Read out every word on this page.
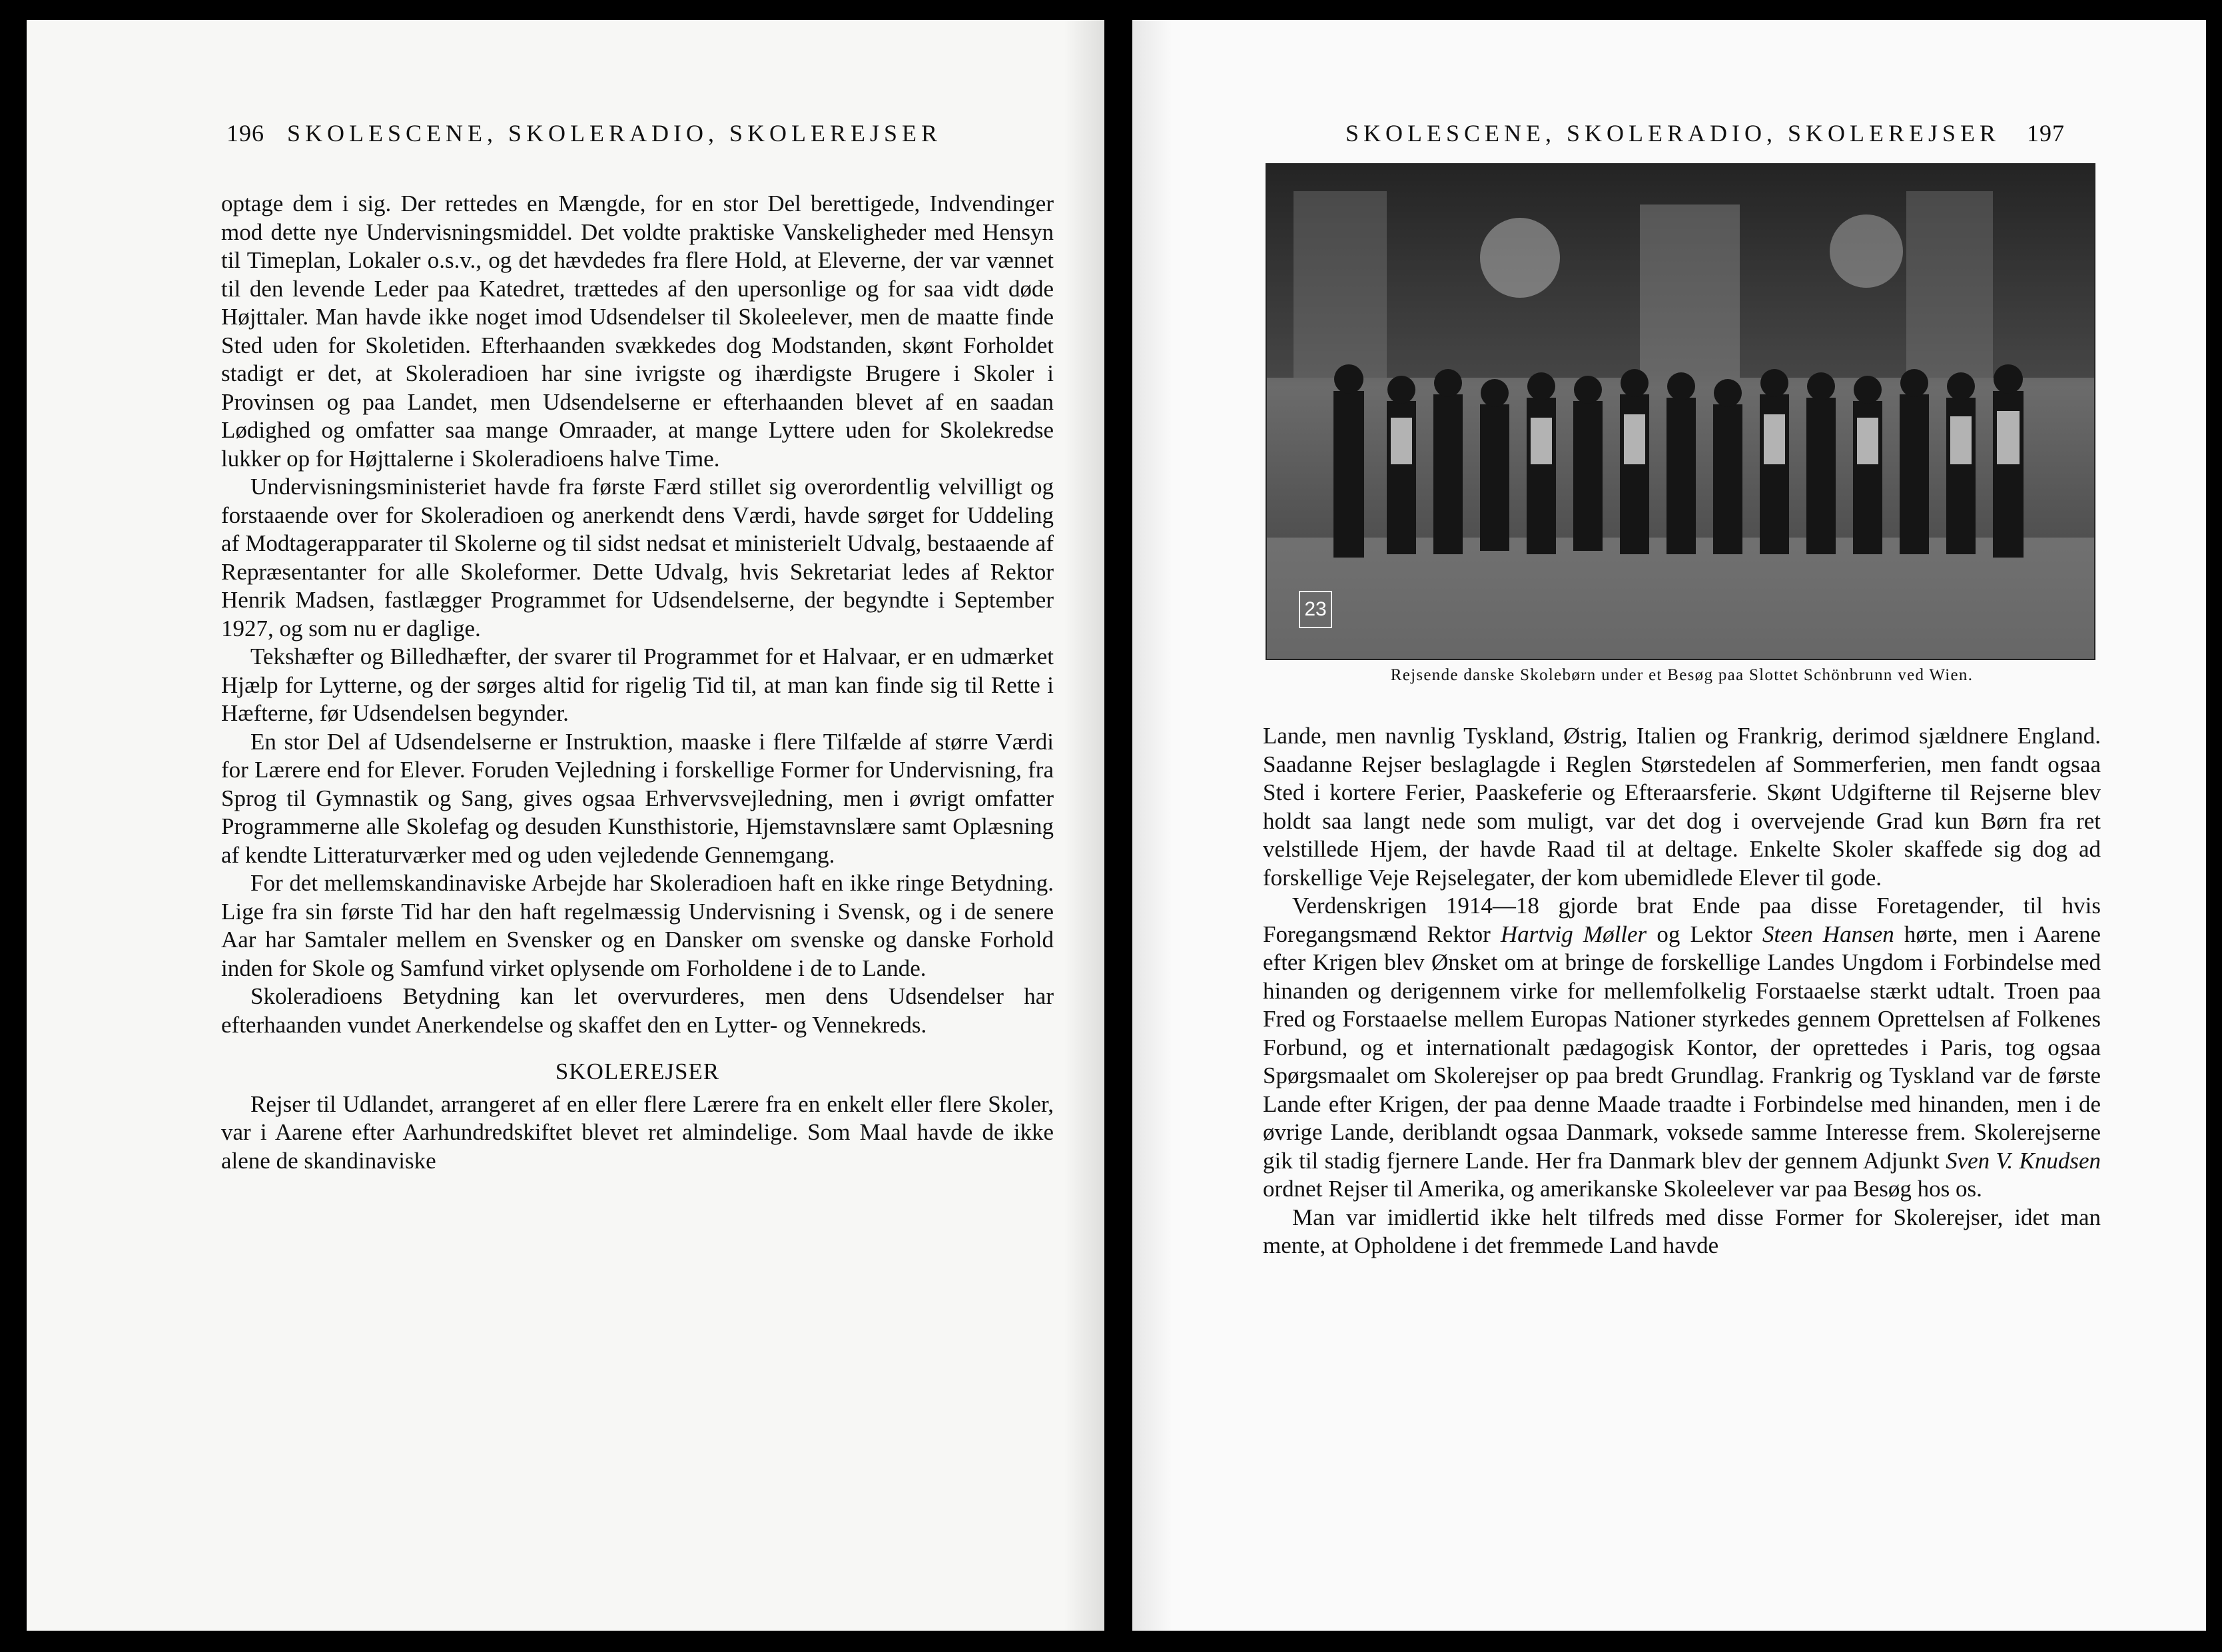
196 SKOLESCENE, SKOLERADIO, SKOLEREJSER

optage dem i sig. Der rettedes en Mængde, for en stor Del berettigede, Indvendinger mod dette nye Undervisningsmiddel. Det voldte praktiske Vanskeligheder med Hensyn til Timeplan, Lokaler o.s.v., og det hævdedes fra flere Hold, at Eleverne, der var vænnet til den levende Leder paa Katedret, trættedes af den upersonlige og for saa vidt døde Højttaler. Man havde ikke noget imod Udsendelser til Skoleelever, men de maatte finde Sted uden for Skoletiden. Efterhaanden svækkedes dog Modstanden, skønt Forholdet stadigt er det, at Skoleradioen har sine ivrigste og ihærdigste Brugere i Skoler i Provinsen og paa Landet, men Udsendelserne er efterhaanden blevet af en saadan Lødighed og omfatter saa mange Omraader, at mange Lyttere uden for Skolekredse lukker op for Højttalerne i Skoleradioens halve Time.

Undervisningsministeriet havde fra første Færd stillet sig overordentlig velvilligt og forstaaende over for Skoleradioen og anerkendt dens Værdi, havde sørget for Uddeling af Modtagerapparater til Skolerne og til sidst nedsat et ministerielt Udvalg, bestaaende af Repræsentanter for alle Skoleformer. Dette Udvalg, hvis Sekretariat ledes af Rektor Henrik Madsen, fastlægger Programmet for Udsendelserne, der begyndte i September 1927, og som nu er daglige.

Tekshæfter og Billedhæfter, der svarer til Programmet for et Halvaar, er en udmærket Hjælp for Lytterne, og der sørges altid for rigelig Tid til, at man kan finde sig til Rette i Hæfterne, før Udsendelsen begynder.

En stor Del af Udsendelserne er Instruktion, maaske i flere Tilfælde af større Værdi for Lærere end for Elever. Foruden Vejledning i forskellige Former for Undervisning, fra Sprog til Gymnastik og Sang, gives ogsaa Erhvervsvejledning, men i øvrigt omfatter Programmerne alle Skolefag og desuden Kunsthistorie, Hjemstavnslære samt Oplæsning af kendte Litteraturværker med og uden vejledende Gennemgang.

For det mellemskandinaviske Arbejde har Skoleradioen haft en ikke ringe Betydning. Lige fra sin første Tid har den haft regelmæssig Undervisning i Svensk, og i de senere Aar har Samtaler mellem en Svensker og en Dansker om svenske og danske Forhold inden for Skole og Samfund virket oplysende om Forholdene i de to Lande.

Skoleradioens Betydning kan let overvurderes, men dens Udsendelser har efterhaanden vundet Anerkendelse og skaffet den en Lytter- og Vennekreds.

SKOLEREJSER

Rejser til Udlandet, arrangeret af en eller flere Lærere fra en enkelt eller flere Skoler, var i Aarene efter Aarhundredskiftet blevet ret almindelige. Som Maal havde de ikke alene de skandinaviske

SKOLESCENE, SKOLERADIO, SKOLEREJSER 197
23
Rejsende danske Skolebørn under et Besøg paa Slottet Schönbrunn ved Wien.

Lande, men navnlig Tyskland, Østrig, Italien og Frankrig, derimod sjældnere England. Saadanne Rejser beslaglagde i Reglen Størstedelen af Sommerferien, men fandt ogsaa Sted i kortere Ferier, Paaskeferie og Efteraarsferie. Skønt Udgifterne til Rejserne blev holdt saa langt nede som muligt, var det dog i overvejende Grad kun Børn fra ret velstillede Hjem, der havde Raad til at deltage. Enkelte Skoler skaffede sig dog ad forskellige Veje Rejselegater, der kom ubemidlede Elever til gode.

Verdenskrigen 1914—18 gjorde brat Ende paa disse Foretagender, til hvis Foregangsmænd Rektor Hartvig Møller og Lektor Steen Hansen hørte, men i Aarene efter Krigen blev Ønsket om at bringe de forskellige Landes Ungdom i Forbindelse med hinanden og derigennem virke for mellemfolkelig Forstaaelse stærkt udtalt. Troen paa Fred og Forstaaelse mellem Europas Nationer styrkedes gennem Oprettelsen af Folkenes Forbund, og et internationalt pædagogisk Kontor, der oprettedes i Paris, tog ogsaa Spørgsmaalet om Skolerejser op paa bredt Grundlag. Frankrig og Tyskland var de første Lande efter Krigen, der paa denne Maade traadte i Forbindelse med hinanden, men i de øvrige Lande, deriblandt ogsaa Danmark, voksede samme Interesse frem. Skolerejserne gik til stadig fjernere Lande. Her fra Danmark blev der gennem Adjunkt Sven V. Knudsen ordnet Rejser til Amerika, og amerikanske Skoleelever var paa Besøg hos os.

Man var imidlertid ikke helt tilfreds med disse Former for Skolerejser, idet man mente, at Opholdene i det fremmede Land havde
